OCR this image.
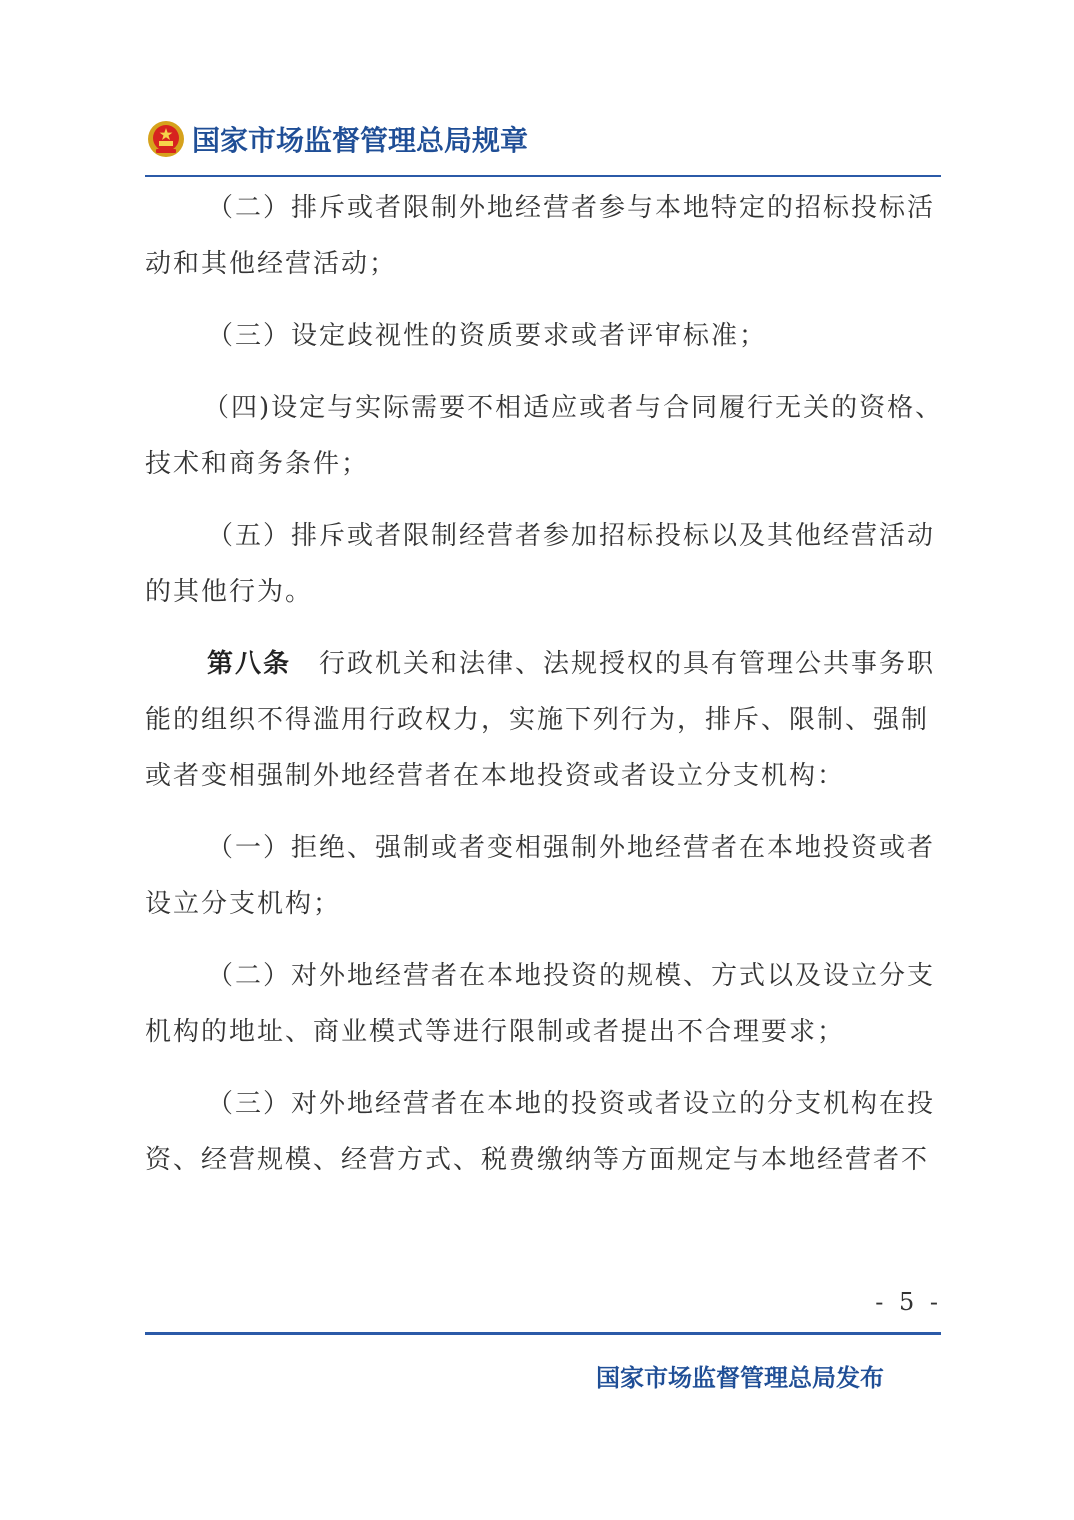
国家市场监督管理总局规章

（二）排斥或者限制外地经营者参与本地特定的招标投标活动和其他经营活动；

（三）设定歧视性的资质要求或者评审标准；

（四)设定与实际需要不相适应或者与合同履行无关的资格、技术和商务条件；

（五）排斥或者限制经营者参加招标投标以及其他经营活动的其他行为。

第八条　 行政机关和法律、法规授权的具有管理公共事务职能的组织不得滥用行政权力，实施下列行为，排斥、限制、强制或者变相强制外地经营者在本地投资或者设立分支机构：

（一）拒绝、强制或者变相强制外地经营者在本地投资或者设立分支机构；

（二）对外地经营者在本地投资的规模、方式以及设立分支机构的地址、商业模式等进行限制或者提出不合理要求；

（三）对外地经营者在本地的投资或者设立的分支机构在投资、经营规模、经营方式、税费缴纳等方面规定与本地经营者不

- 5 -
国家市场监督管理总局发布
